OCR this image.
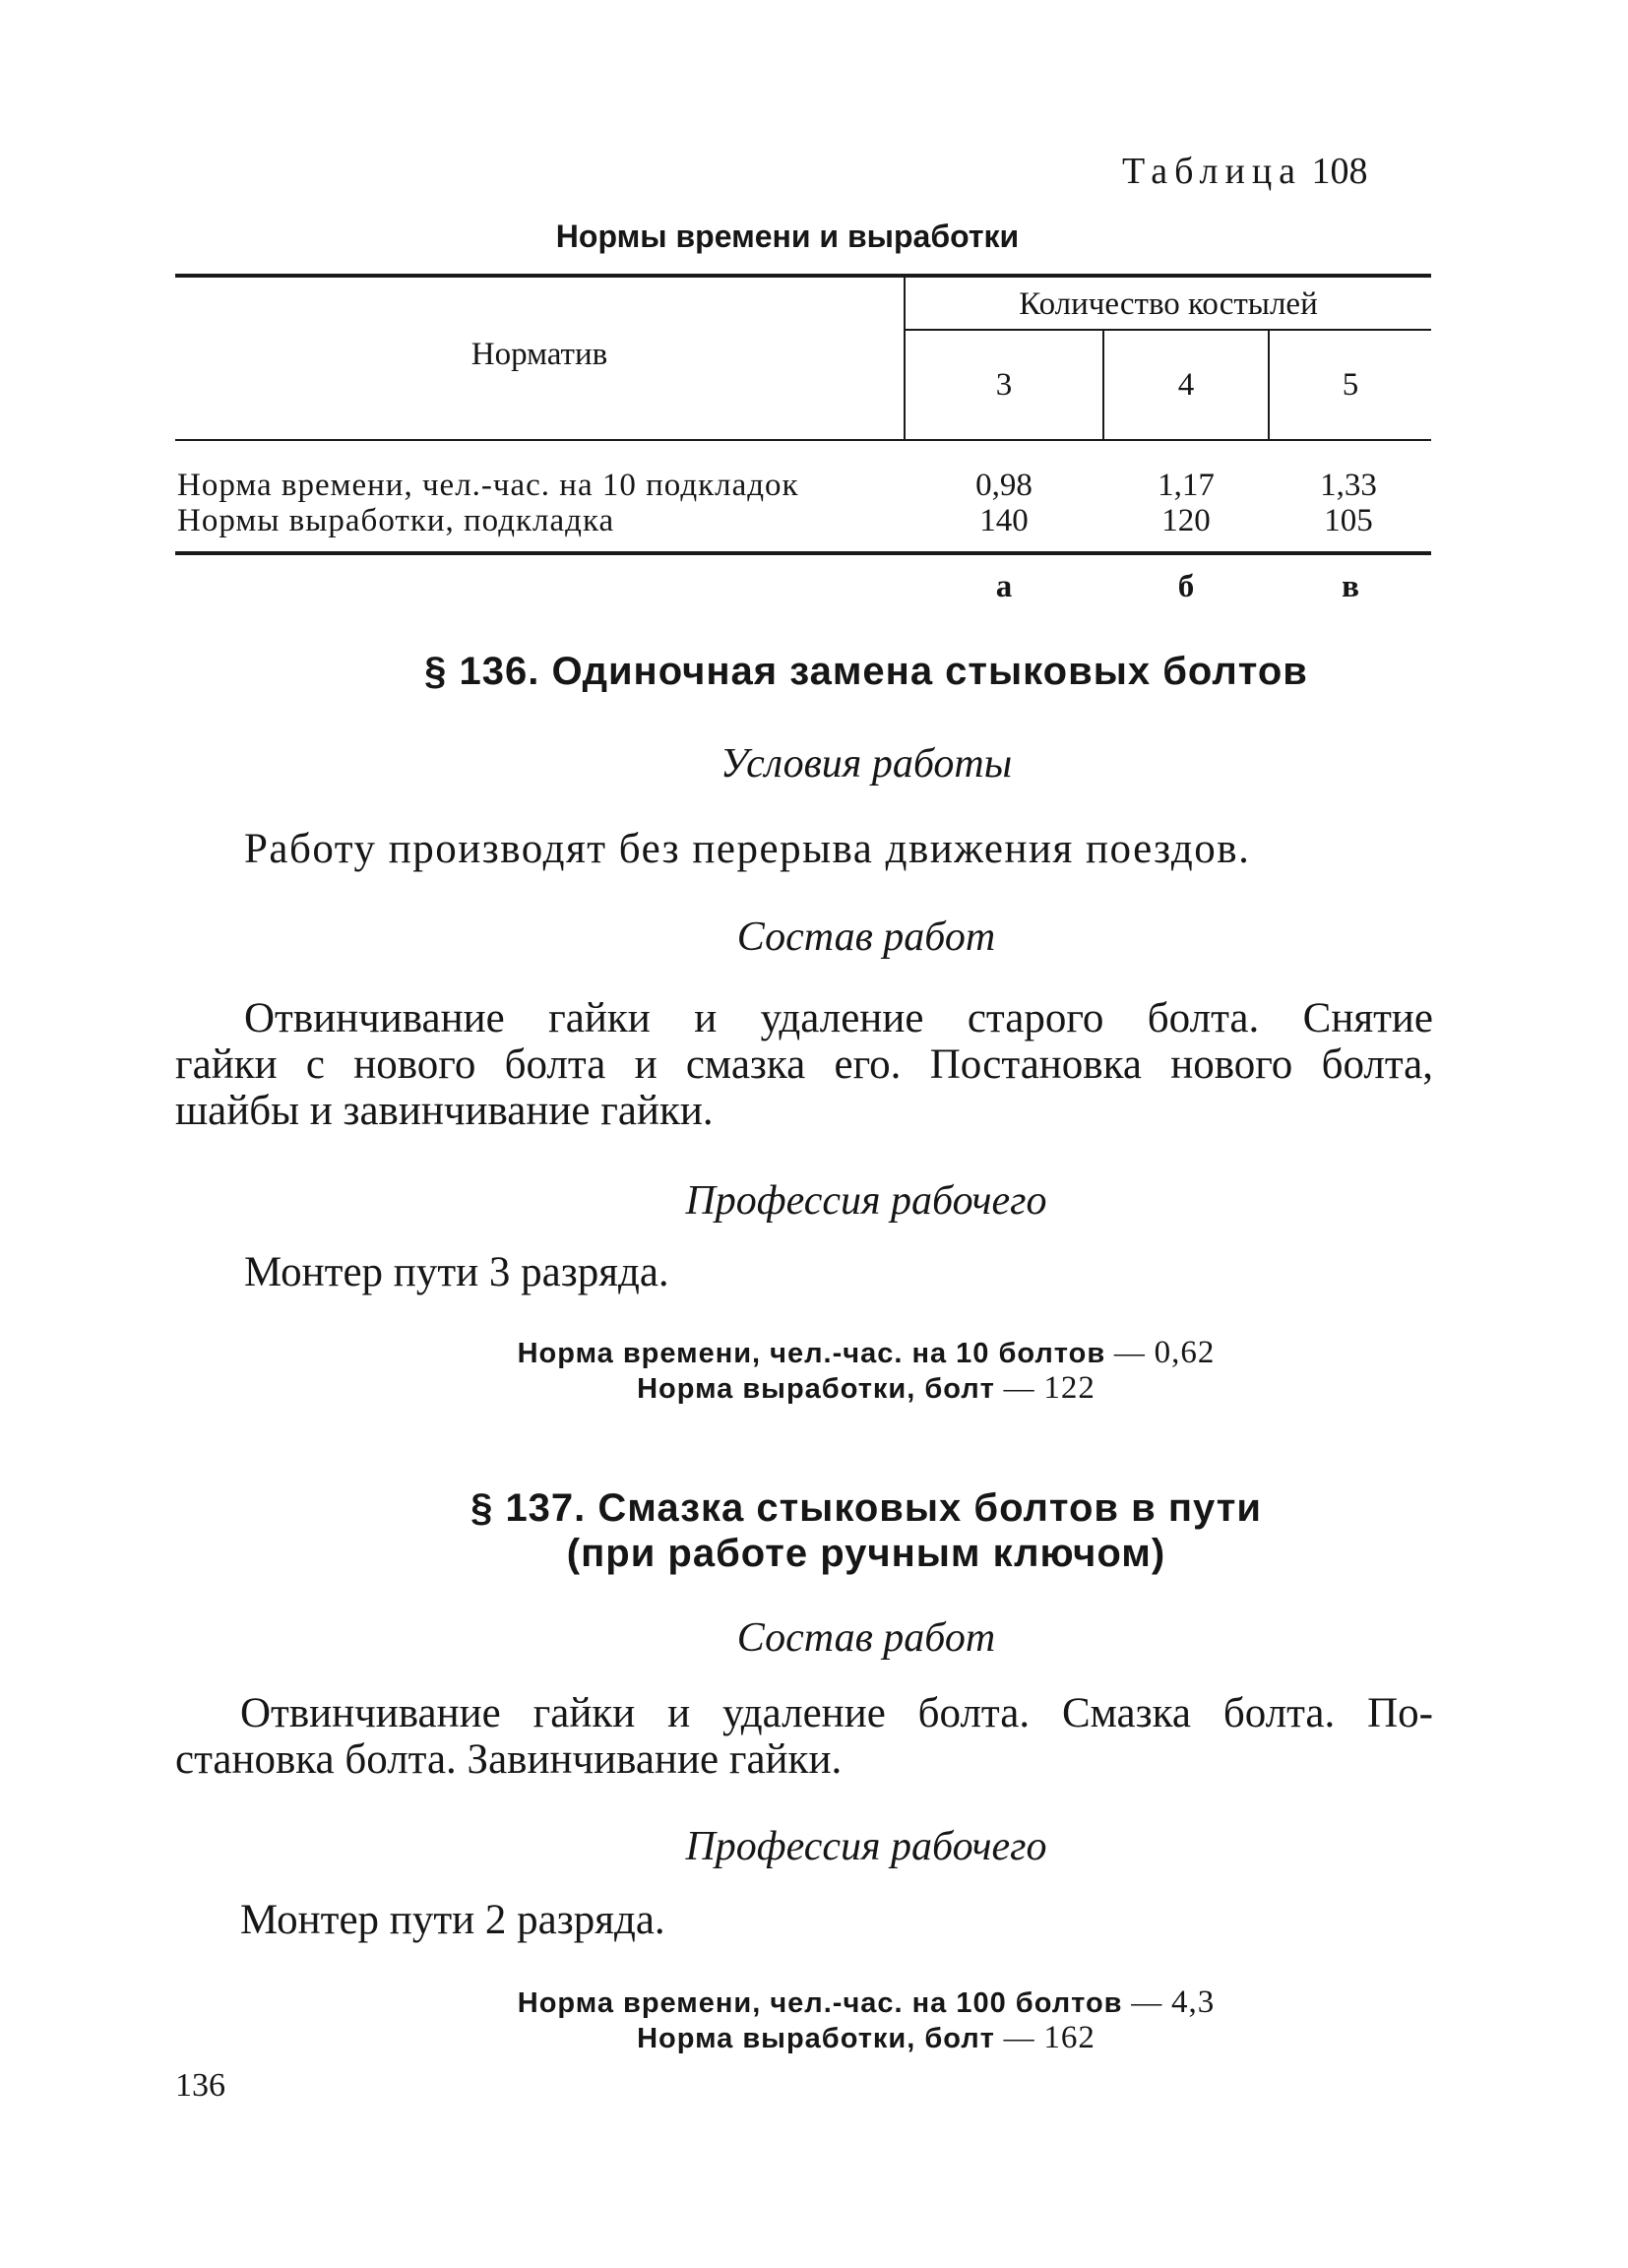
Таблица 108
Нормы времени и выработки
Норматив
Количество костылей
3	4	5
Норма времени, чел.-час. на 10 подкладок	0,98	1,17	1,33
Нормы выработки, подкладка	140	120	105
а	б	в
§ 136. Одиночная замена стыковых болтов
Условия работы
Работу производят без перерыва движения поездов.
Состав работ
Отвинчивание гайки и удаление старого болта. Снятие
гайки с нового болта и смазка его. Постановка нового болта,
шайбы и завинчивание гайки.
Профессия рабочего
Монтер пути 3 разряда.
Норма времени, чел.-час. на 10 болтов — 0,62
Норма выработки, болт — 122
§ 137. Смазка стыковых болтов в пути
(при работе ручным ключом)
Состав работ
Отвинчивание гайки и удаление болта. Смазка болта. По-
становка болта. Завинчивание гайки.
Профессия рабочего
Монтер пути 2 разряда.
Норма времени, чел.-час. на 100 болтов — 4,3
Норма выработки, болт — 162
136
